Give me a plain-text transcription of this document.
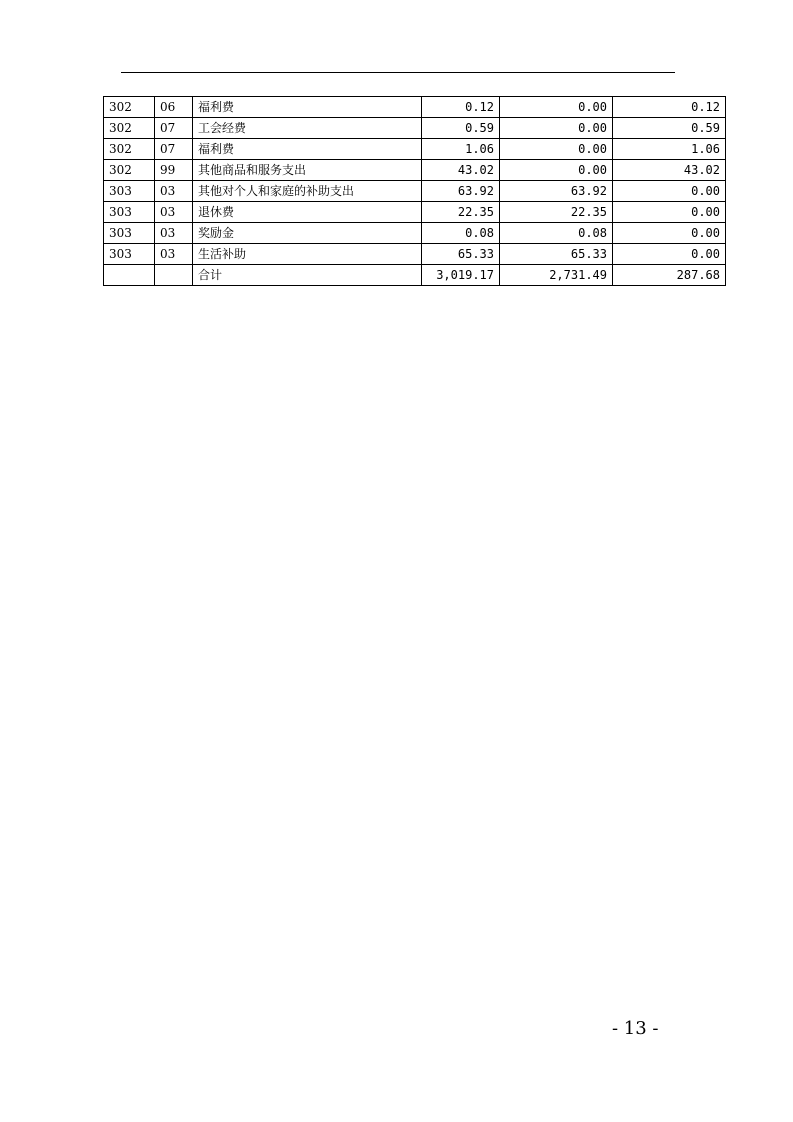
302	06	福利费	0.12	0.00	0.12
302	07	工会经费	0.59	0.00	0.59
302	07	福利费	1.06	0.00	1.06
302	99	其他商品和服务支出	43.02	0.00	43.02
303	03	其他对个人和家庭的补助支出	63.92	63.92	0.00
303	03	退休费	22.35	22.35	0.00
303	03	奖励金	0.08	0.08	0.00
303	03	生活补助	65.33	65.33	0.00
		合计	3,019.17	2,731.49	287.68
- 13 -
